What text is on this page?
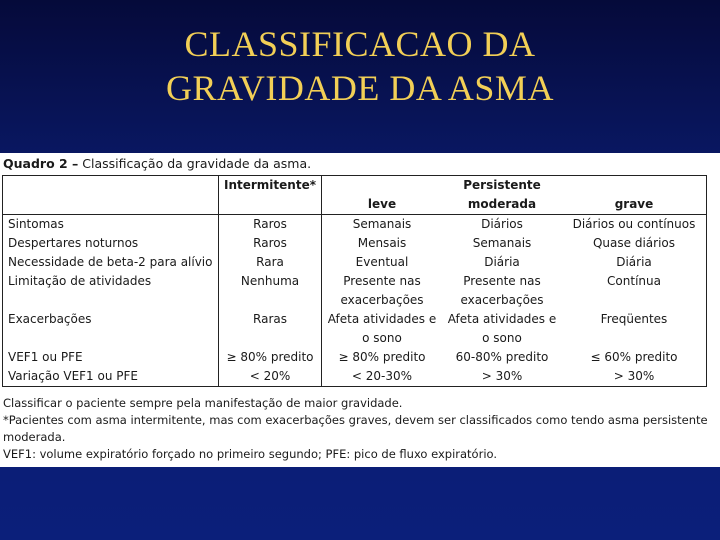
CLASSIFICACAO DA
GRAVIDADE DA ASMA
Quadro 2 – Classificação da gravidade da asma.
	Intermitente*		Persistente	
		leve	moderada	grave
Sintomas	Raros	Semanais	Diários	Diários ou contínuos
Despertares noturnos	Raros	Mensais	Semanais	Quase diários
Necessidade de beta-2 para alívio	Rara	Eventual	Diária	Diária
Limitação de atividades	Nenhuma	Presente nas exacerbações	Presente nas exacerbações	Contínua
Exacerbações	Raras	Afeta atividades e o sono	Afeta atividades e o sono	Freqüentes
VEF1 ou PFE	≥ 80% predito	≥ 80% predito	60-80% predito	≤ 60% predito
Variação VEF1 ou PFE	< 20%	< 20-30%	> 30%	> 30%

Classificar o paciente sempre pela manifestação de maior gravidade.

*Pacientes com asma intermitente, mas com exacerbações graves, devem ser classificados como tendo asma persistente moderada.

VEF1: volume expiratório forçado no primeiro segundo; PFE: pico de fluxo expiratório.
